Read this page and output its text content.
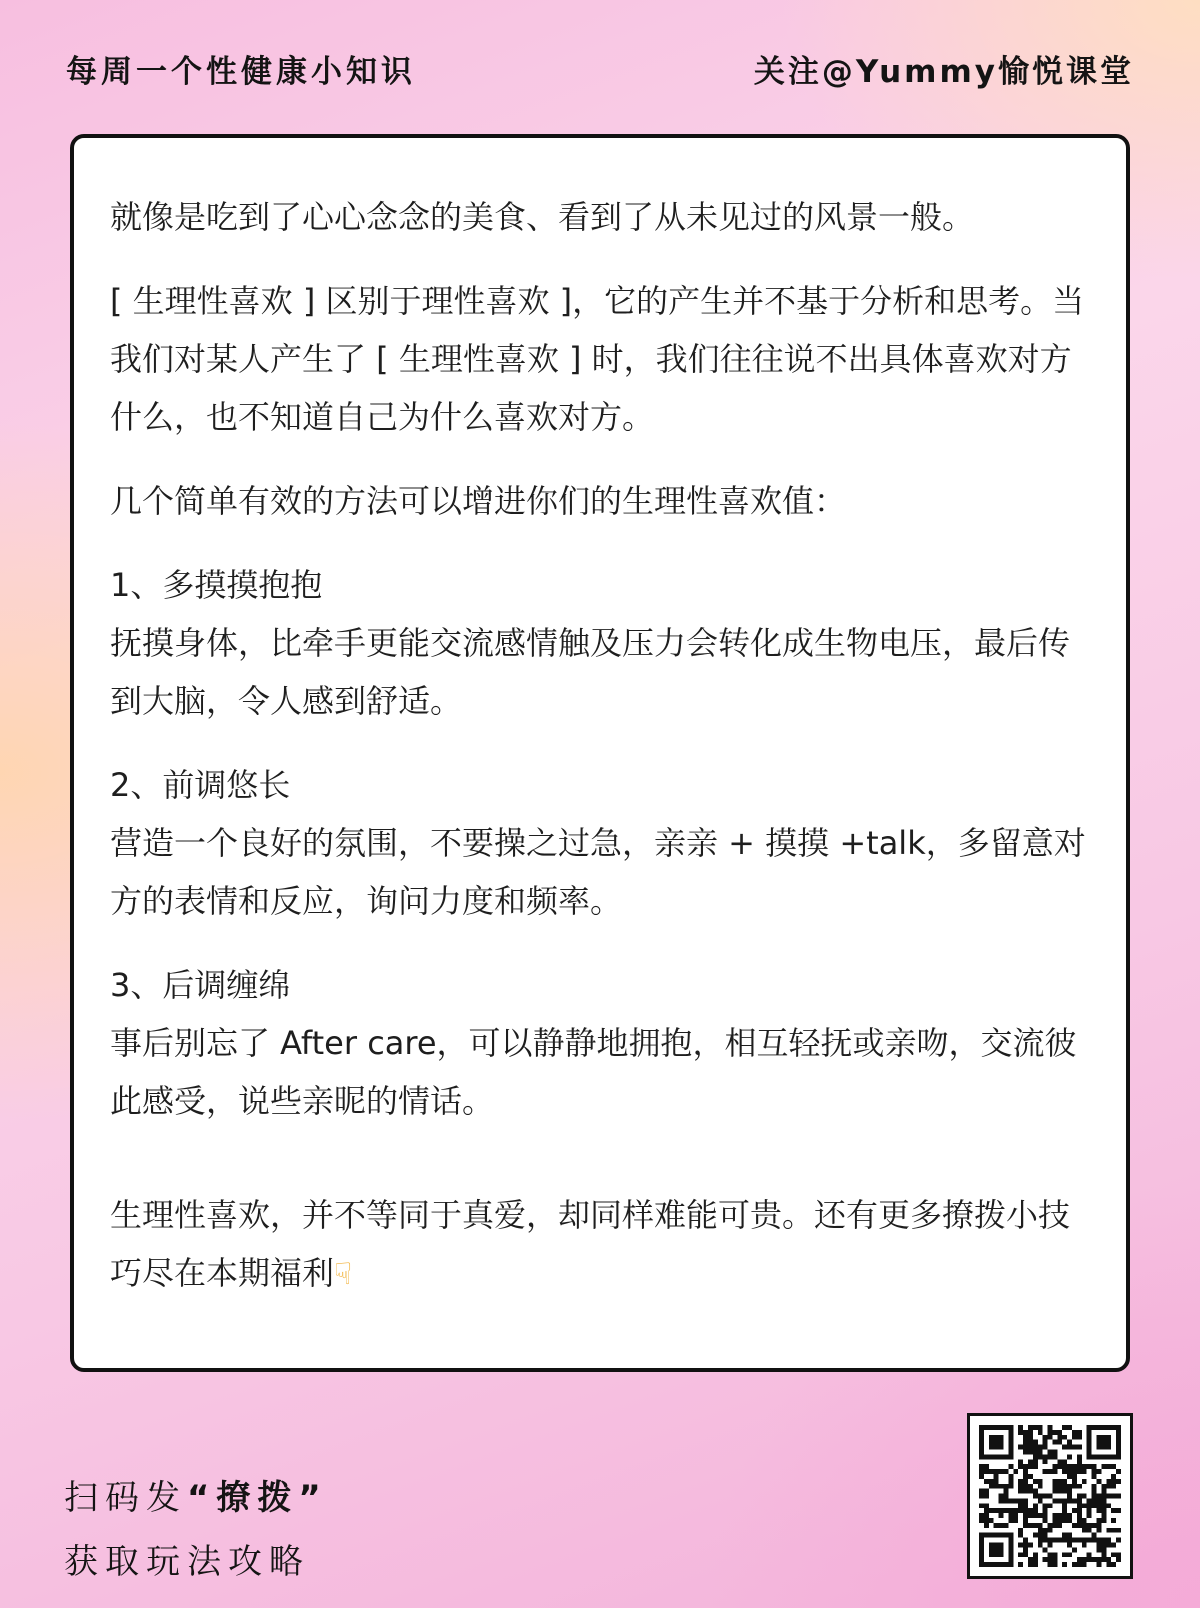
每周一个性健康小知识	关注@Yummy愉悦课堂

就像是吃到了心心念念的美食、看到了从未见过的风景一般。

[ 生理性喜欢 ] 区别于理性喜欢 ]，它的产生并不基于分析和思考。当我们对某人产生了 [ 生理性喜欢 ] 时，我们往往说不出具体喜欢对方什么，也不知道自己为什么喜欢对方。

几个简单有效的方法可以增进你们的生理性喜欢值：

1、多摸摸抱抱
抚摸身体，比牵手更能交流感情触及压力会转化成生物电压，最后传到大脑，令人感到舒适。

2、前调悠长
营造一个良好的氛围，不要操之过急，亲亲 + 摸摸 +talk，多留意对方的表情和反应，询问力度和频率。

3、后调缠绵
事后别忘了 After care，可以静静地拥抱，相互轻抚或亲吻，交流彼此感受，说些亲昵的情话。

生理性喜欢，并不等同于真爱，却同样难能可贵。还有更多撩拨小技巧尽在本期福利☟

扫码发“撩拨”
获取玩法攻略
